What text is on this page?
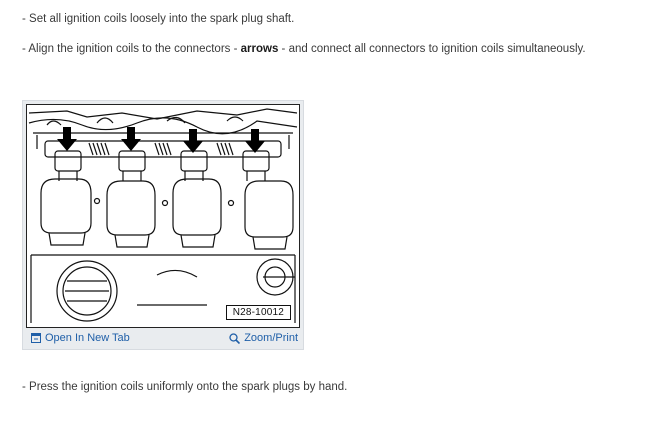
- Set all ignition coils loosely into the spark plug shaft.
- Align the ignition coils to the connectors - arrows - and connect all connectors to ignition coils simultaneously.
N28-10012
Open In New Tab	Zoom/Print
- Press the ignition coils uniformly onto the spark plugs by hand.
